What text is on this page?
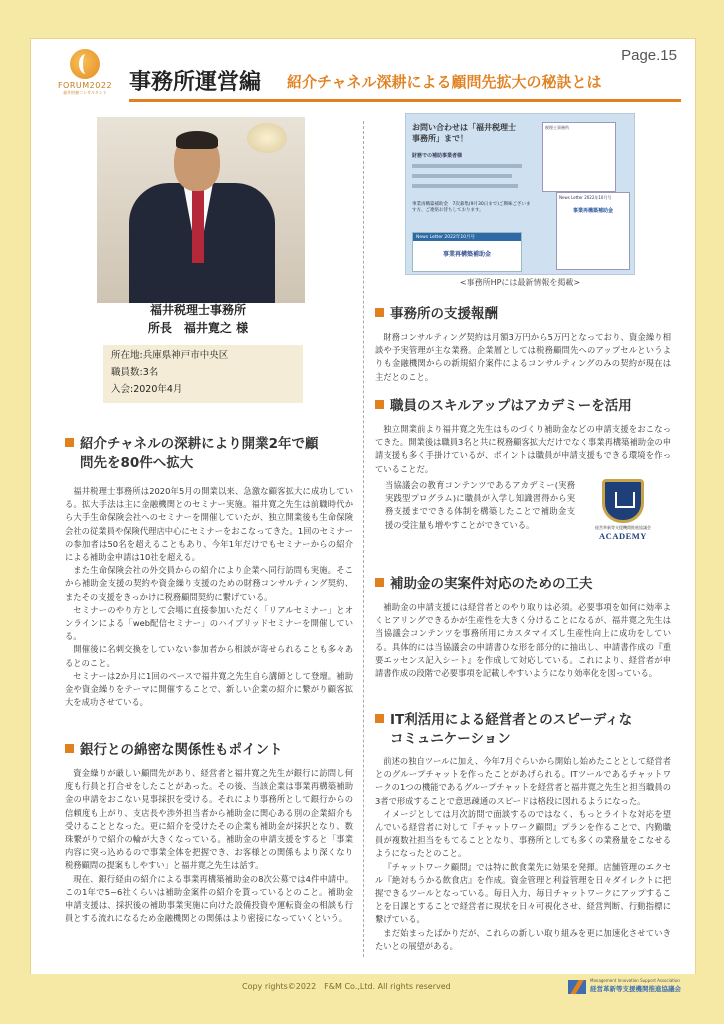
Page.15
FORUM2022
福井財務コンサルタント	事務所運営編 紹介チャネル深耕による顧問先拡大の秘訣とは
福井税理士事務所
所長　福井寛之 様
所在地:兵庫県神戸市中央区
職員数:3名
入会:2020年4月
紹介チャネルの深耕により開業2年で顧
問先を80件へ拡大

福井税理士事務所は2020年5月の開業以来、急激な顧客拡大に成功している。拡大手法は主に金融機関とのセミナー実施。福井寛之先生は前職時代から大手生命保険会社へのセミナーを開催していたが、独立開業後も生命保険会社の従業員や保険代理店中心にセミナーをおこなってきた。1回のセミナーの参加者は50名を超えることもあり、今年1年だけでもセミナーからの紹介による補助金申請は10社を超える。

また生命保険会社の外交員からの紹介により企業へ同行訪問も実施。そこから補助金支援の契約や資金繰り支援のための財務コンサルティング契約、またその支援をきっかけに税務顧問契約に繋げている。

セミナーのやり方として会場に直接参加いただく「リアルセミナー」とオンラインによる「web配信セミナー」のハイブリッドセミナーを開催している。

開催後に名刺交換をしていない参加者から相談が寄せられることも多々あるとのこと。

セミナーは2か月に1回のペースで福井寛之先生自ら講師として登壇。補助金や資金繰りをテーマに開催することで、新しい企業の紹介に繋がり顧客拡大を成功させている。

銀行との綿密な関係性もポイント

資金繰りが厳しい顧問先があり、経営者と福井寛之先生が銀行に訪問し何度も行員と打合せをしたことがあった。その後、当該企業は事業再構築補助金の申請をおこない見事採択を受ける。それにより事務所として銀行からの信頼度も上がり、支店長や渉外担当者から補助金に関心ある別の企業紹介も受けることとなった。更に紹介を受けたその企業も補助金が採択となり、数珠繋がりで紹介の輪が大きくなっている。補助金の申請支援をすると「事業内容に突っ込めるので事業全体を把握でき、お客様との関係もより深くなり税務顧問の提案もしやすい」と福井寛之先生は話す。

現在、銀行経由の紹介による事業再構築補助金の8次公募では4件申請中。この1年で5~6社くらいは補助金案件の紹介を貰っているとのこと。補助金申請支援は、採択後の補助事業実施に向けた設備投資や運転資金の相談も行員とする流れになるため金融機関との関係はより密接になっていくという。

お問い合わせは「福井税理士事務所」まで！
財務での補助事業者様
事業再構築補助金　7次募集(9月30日まで)ご興味ございます方、ご連絡お待ちしております。
News Letter 2022年10月号
事業再構築補助金
税理士事務所
News Letter 2022年10月号
事業再構築補助金
<事務所HPには最新情報を掲載>
事務所の支援報酬

財務コンサルティング契約は月額3万円から5万円となっており、資金繰り相談や予実管理が主な業務。企業層としては税務顧問先へのアップセルというよりも金融機関からの新規紹介案件によるコンサルティングのみの契約が現在は主だとのこと。

職員のスキルアップはアカデミーを活用

独立開業前より福井寛之先生はものづくり補助金などの申請支援をおこなってきた。開業後は職員3名と共に税務顧客拡大だけでなく事業再構築補助金の申請支援も多く手掛けているが、ポイントは職員が申請支援もできる環境を作っていることだ。

当協議会の教育コンテンツであるアカデミー(実務実践型プログラム)に職員が入学し知識習得から実務支援までできる体制を構築したことで補助金支援の受注量も増やすことができている。	経営革新等支援機関推進協議会
ACADEMY
補助金の実案件対応のための工夫

補助金の申請支援には経営者とのやり取りは必須。必要事項を如何に効率よくヒアリングできるかが生産性を大きく分けることになるが、福井寛之先生は当協議会コンテンツを事務所用にカスタマイズし生産性向上に成功をしている。具体的には当協議会の申請書ひな形を部分的に抽出し、申請書作成の『重要エッセンス記入シート』を作成して対応している。これにより、経営者が申請書作成の段階で必要事項を記載しやすいようになり効率化を図っている。

IT利活用による経営者とのスピーディな
コミュニケーション

前述の独自ツールに加え、今年7月ぐらいから開始し始めたこととして経営者とのグループチャットを作ったことがあげられる。ITツールであるチャットワークの1つの機能であるグループチャットを経営者と福井寛之先生と担当職員の3者で形成することで意思疎通のスピードは格段に図れるようになった。

イメージとしては月次訪問で面談するのではなく、もっとライトな対応を望んでいる経営者に対して『チャットワーク顧問』プランを作ることで、内勤職員が複数社担当をもてることとなり、事務所としても多くの業務量をこなせるようになったとのこと。

『チャットワーク顧問』では特に飲食業先に効果を発揮。店舗管理のエクセル『絶対もうかる飲食店』を作成。資金管理と利益管理を日々ダイレクトに把握できるツールとなっている。毎日入力、毎日チャットワークにアップすることを日課とすることで経営者に現状を日々可視化させ、経営判断、行動指標に繋げている。

まだ始まったばかりだが、これらの新しい取り組みを更に加速化させていきたいとの展望がある。

Copy rights©2022　F&M Co.,Ltd. All rights reserved
Management Innovation Support Association
経営革新等支援機関推進協議会
